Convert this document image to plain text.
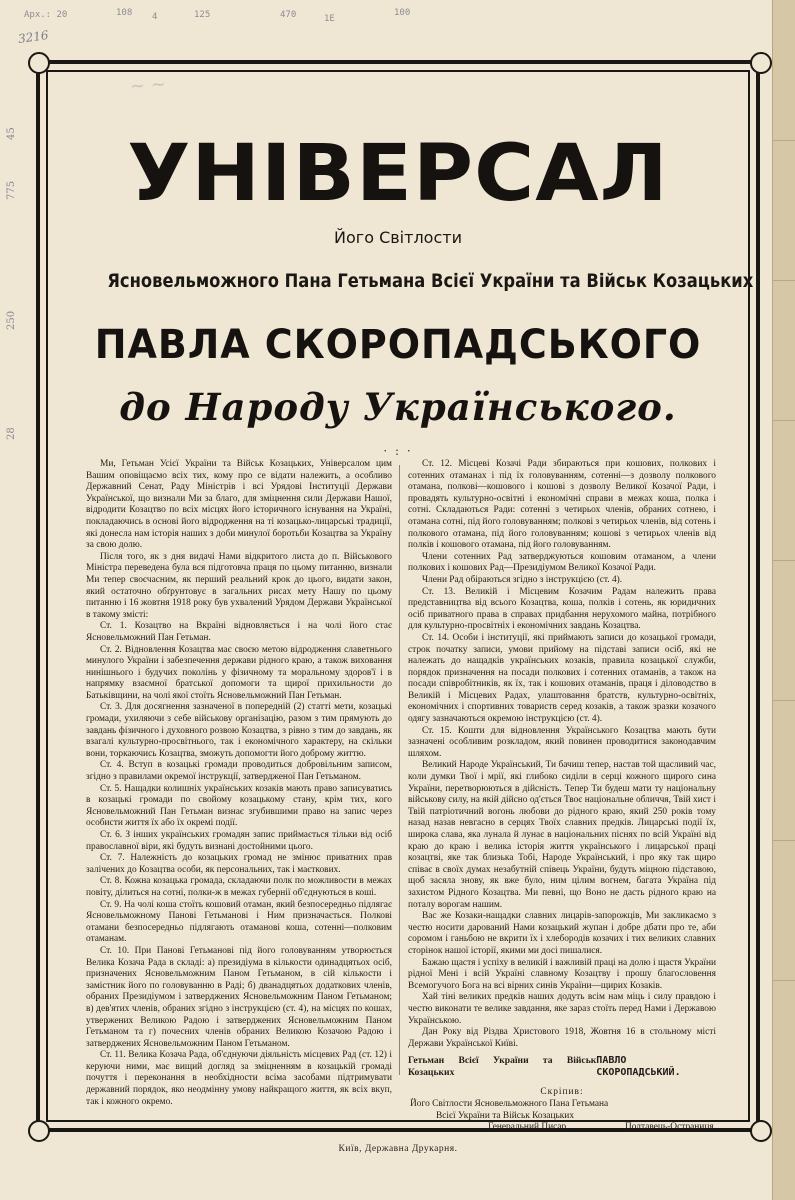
Арх.: 20	108 4	125	470	1Е
100
3216
~ ~
45
775
250
28
УНІВЕРСАЛ
Його Світлости
Ясновельможного Пана Гетьмана Всієї України та Військ Козацьких
ПАВЛА СКОРОПАДСЬКОГО
до Народу Українського.
· : ·

Ми, Гетьман Усієї України та Військ Козацьких, Універсалом цим Вашим оповіщаємо всіх тих, кому про се відати належить, а особливо Державний Сенат, Раду Міністрів і всі Урядові Інституції Держави Української, що визнали Ми за благо, для зміцнення сили Держави Нашої, відродити Козацтво по всіх місцях його історичного існування на Україні, покладаючись в основі його відродження на ті козацько-лицарські традиції, які донесла нам історія наших з доби минулої боротьби Козацтва за Україну за свою долю.

Після того, як з дня видачі Нами відкритого листа до п. Військового Міністра переведена була вся підготовча праця по цьому питанню, визнали Ми тепер своєчасним, як перший реальний крок до цього, видати закон, який остаточно обґрунтовує в загальних рисах мету Нашу по цьому питанню і 16 жовтня 1918 року був ухвалений Урядом Держави Української в такому змісті:

Ст. 1. Козацтво на Вкраїні відновляється і на чолі його стає Ясновельможний Пан Гетьман.

Ст. 2. Відновлення Козацтва має своєю метою відродження славетнього минулого України і забезпечення держави рідного краю, а також виховання нинішнього і будучих поколінь у фізичному та моральному здоров'ї і в напрямку взаємної братської допомоги та щирої прихильности до Батьківщини, на чолі якої стоїть Ясновельможний Пан Гетьман.

Ст. 3. Для досягнення зазначеної в попередній (2) статті мети, козацькі громади, ухиляючи з себе військову організацію, разом з тим прямують до завдань фізичного і духовного розвою Козацтва, з рівно з тим до завдань, як взагалі культурно-просвітнього, так і економічного характеру, на скільки вони, торкаючись Козацтва, зможуть допомогти його доброму життю.

Ст. 4. Вступ в козацькі громади проводиться добровільним записом, згідно з правилами окремої інструкції, затвердженої Пан Гетьманом.

Ст. 5. Нащадки колишніх українських козаків мають право записуватись в козацькі громади по свойому козацькому стану, крім тих, кого Ясновельможний Пан Гетьман визнає згубившими право на запис через особисти життя їх або їх окремі події.

Ст. 6. З інших українських громадян запис приймається тільки від осіб православної віри, які будуть визнані достойними цього.

Ст. 7. Належність до козацьких громад не змінює приватних прав залічених до Козацтва особи, як персональних, так і маєткових.

Ст. 8. Кожна козацька громада, складаючи полк по можливости в межах повіту, ділиться на сотні, полки-ж в межах губернії об'єднуються в коші.

Ст. 9. На чолі коша стоїть кошовий отаман, який безпосередньо підлягає Ясновельможному Панові Гетьманові і Ним призначається. Полкові отамани безпосередньо підлягають отаманові коша, сотенні—полковим отаманам.

Ст. 10. При Панові Гетьманові під його головуванням утворюється Велика Козача Рада в складі: а) президіума в кількости одинадцятьох осіб, призначених Ясновельможним Паном Гетьманом, в сій кількости і замістник його по головуванню в Раді; б) дванадцятьох додаткових членів, обраних Президіумом і затверджених Ясновельможним Паном Гетьманом; в) дев'ятих членів, обраних згідно з інструкцією (ст. 4), на місцях по кошах, утвержених Великою Радою і затверджених Ясновельможним Паном Гетьманом та г) почесних членів обраних Великою Козачою Радою і затверджених Ясновельможним Паном Гетьманом.

Ст. 11. Велика Козача Рада, об'єднуючи діяльність місцевих Рад (ст. 12) і керуючи ними, має вищий догляд за зміцненням в козацькій громаді почуття і переконання в необхідности всіма засобами підтримувати державний порядок, яко неодмінну умову найкращого життя, як всіх вкуп, так і кожного окремо.

Ст. 12. Місцеві Козачі Ради збираються при кошових, полкових і сотенних отаманах і під їх головуванням, сотенні—з дозволу полкового отамана, полкові—кошового і кошові з дозволу Великої Козачої Ради, і провадять культурно-освітні і економічні справи в межах коша, полка і сотні. Складаються Ради: сотенні з четирьох членів, обраних сотнею, і отамана сотні, під його головуванням; полкові з четирьох членів, від сотень і полкового отамана, під його головуванням; кошові з четирьох членів від полків і кошового отамана, під його головуванням.

Члени сотенних Рад затверджуються кошовим отаманом, а члени полкових і кошових Рад—Президіумом Великої Козачої Ради.

Члени Рад обіраються згідно з інструкцією (ст. 4).

Ст. 13. Великій і Місцевим Козачим Радам належить права представництва від всього Козацтва, коша, полків і сотень, як юридичних осіб приватного права в справах придбання нерухомого майна, потрібного для культурно-просвітніх і економічних завдань Козацтва.

Ст. 14. Особи і інституції, які приймають записи до козацької громади, строк початку записи, умови прийому на підставі записи осіб, які не належать до нащадків українських козаків, правила козацької служби, порядок призначення на посади полкових і сотенних отаманів, а також на посади співробітників, як їх, так і кошових отаманів, праця і діловодство в Великій і Місцевих Радах, улаштовання братств, культурно-освітніх, економічних і спортивних товариств серед козаків, а також зразки козачого одягу зазначаються окремою інструкцією (ст. 4).

Ст. 15. Кошти для відновлення Українського Козацтва мають бути зазначені особливим розкладом, який повинен проводитися законодавчим шляхом.

Великий Народе Український, Ти бачиш тепер, настав той щасливий час, коли думки Твої і мрії, які глибоко сиділи в серці кожного щирого сина України, перетворюються в дійсність. Тепер Ти будеш мати ту національну військову силу, на якій дійсно од'ється Твоє національне обличчя, Твій хист і Твій патріотичний вогонь любови до рідного краю, який 250 років тому назад назав невгасно в серцях Твоїх славних предків. Лицарські події їх, широка слава, яка лунала й лунає в національних піснях по всій Україні від краю до краю і велика історія життя українського і лицарської праці козацтві, яке так близька Тобі, Народе Український, і про яку так щиро співає в своїх думах незабутній співець України, будуть міцною підставою, щоб засяла знову, як вже було, ним цілим вогнем, багата Україна під захистом Рідного Козацтва. Ми певні, що Воно не дасть рідного краю на поталу ворогам нашим.

Вас же Козаки-нащадки славних лицарів-запорожців, Ми закликаємо з честю носити дарований Нами козацький жупан і добре дбати про те, аби соромом і ганьбою не вкрити їх і хлебородів козачих і тих великих славних сторінок нашої історії, якими ми досі пишалися.

Бажаю щастя і успіху в великій і важливій праці на долю і щастя України рідної Мені і всій Україні славному Козацтву і прошу благословення Всемогучого Бога на всі вірних синів України—щирих Козаків.

Хай тіні великих предків наших додуть всім нам міць і силу правдою і честю виконати те велике завдання, яке зараз стоїть перед Нами і Державою Українською.

Дан Року від Різдва Христового 1918, Жовтня 16 в стольному місті Держави Української Київі.

Гетьман Всієї України та Військ Козацьких
ПАВЛО СКОРОПАДСЬКИЙ.
Скріпив:
Його Світлости Ясновельможного Пана Гетьмана
Всієї України та Військ Козацьких
Генеральний Писар	Полтавець-Остраниця.
Київ, Державна Друкарня.
